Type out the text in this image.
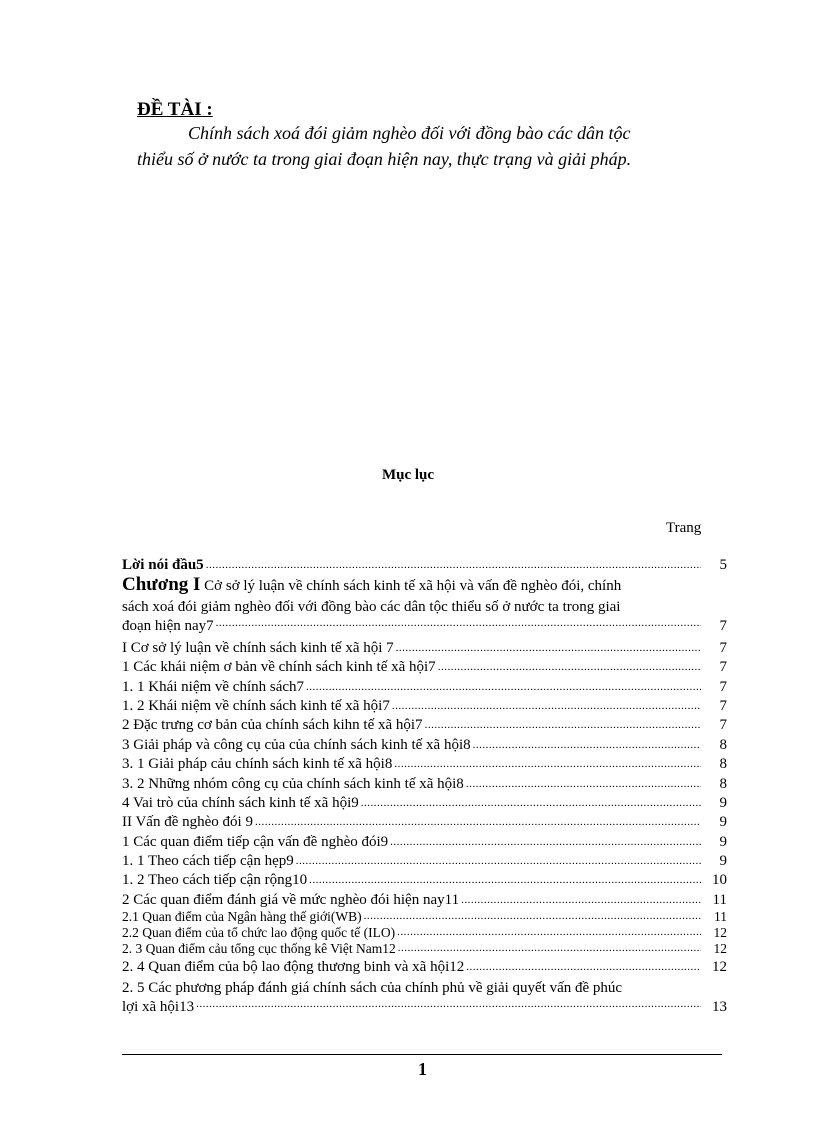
ĐỀ TÀI :
Chính sách xoá đói giảm nghèo đối với đồng bào các dân tộc
thiểu số ở nước ta trong giai đoạn hiện nay, thực trạng và giải pháp.
Mục lục
Trang
Lời nói đầu5 .....	5
Chương I Cở sở lý luận về chính sách kinh tế xã hội và vấn đề nghèo đói, chính
sách xoá đói giảm nghèo đối với đồng bào các dân tộc thiểu số ở nước ta trong giai
đoạn hiện nay7 .....	7
I Cơ sở lý luận về chính sách kinh tế xã hội 7 .....	7
1 Các khái niệm ơ bản về chính sách kinh tế xã hội7 .....	7
1. 1 Khái niệm về chính sách7 .....	7
1. 2 Khái niệm về chính sách kinh tế xã hội7 .....	7
2 Đặc trưng cơ bản của chính sách kihn tế xã hội7 .....	7
3 Giải pháp và công cụ của của chính sách kinh tế xã hội8 .....	8
3. 1 Giải pháp cảu chính sách kinh tế xã hội8 .....	8
3. 2 Những nhóm công cụ của chính sách kinh tế xã hội8 .....	8
4 Vai trò của chính sách kinh tế xã hội9 .....	9
II Vấn đề nghèo đói 9 .....	9
1 Các quan điểm tiếp cận vấn đề nghèo đói9 .....	9
1. 1 Theo cách tiếp cận hẹp9 .....	9
1. 2 Theo cách tiếp cận rộng10 .....	10
2 Các quan điểm đánh giá về mức nghèo đói hiện nay11 .....	11
2.1 Quan điểm của Ngân hàng thế giới(WB) .....	11
2.2 Quan điểm của tổ chức lao động quốc tế (ILO) .....	12
2. 3 Quan điểm cảu tổng cục thống kê Việt Nam12 .....	12
2. 4 Quan điểm của bộ lao động thương binh và xã hội12 .....	12
2. 5 Các phương pháp đánh giá chính sách của chính phủ về giải quyết vấn đề phúc
lợi xã hội13 .....	13
1
